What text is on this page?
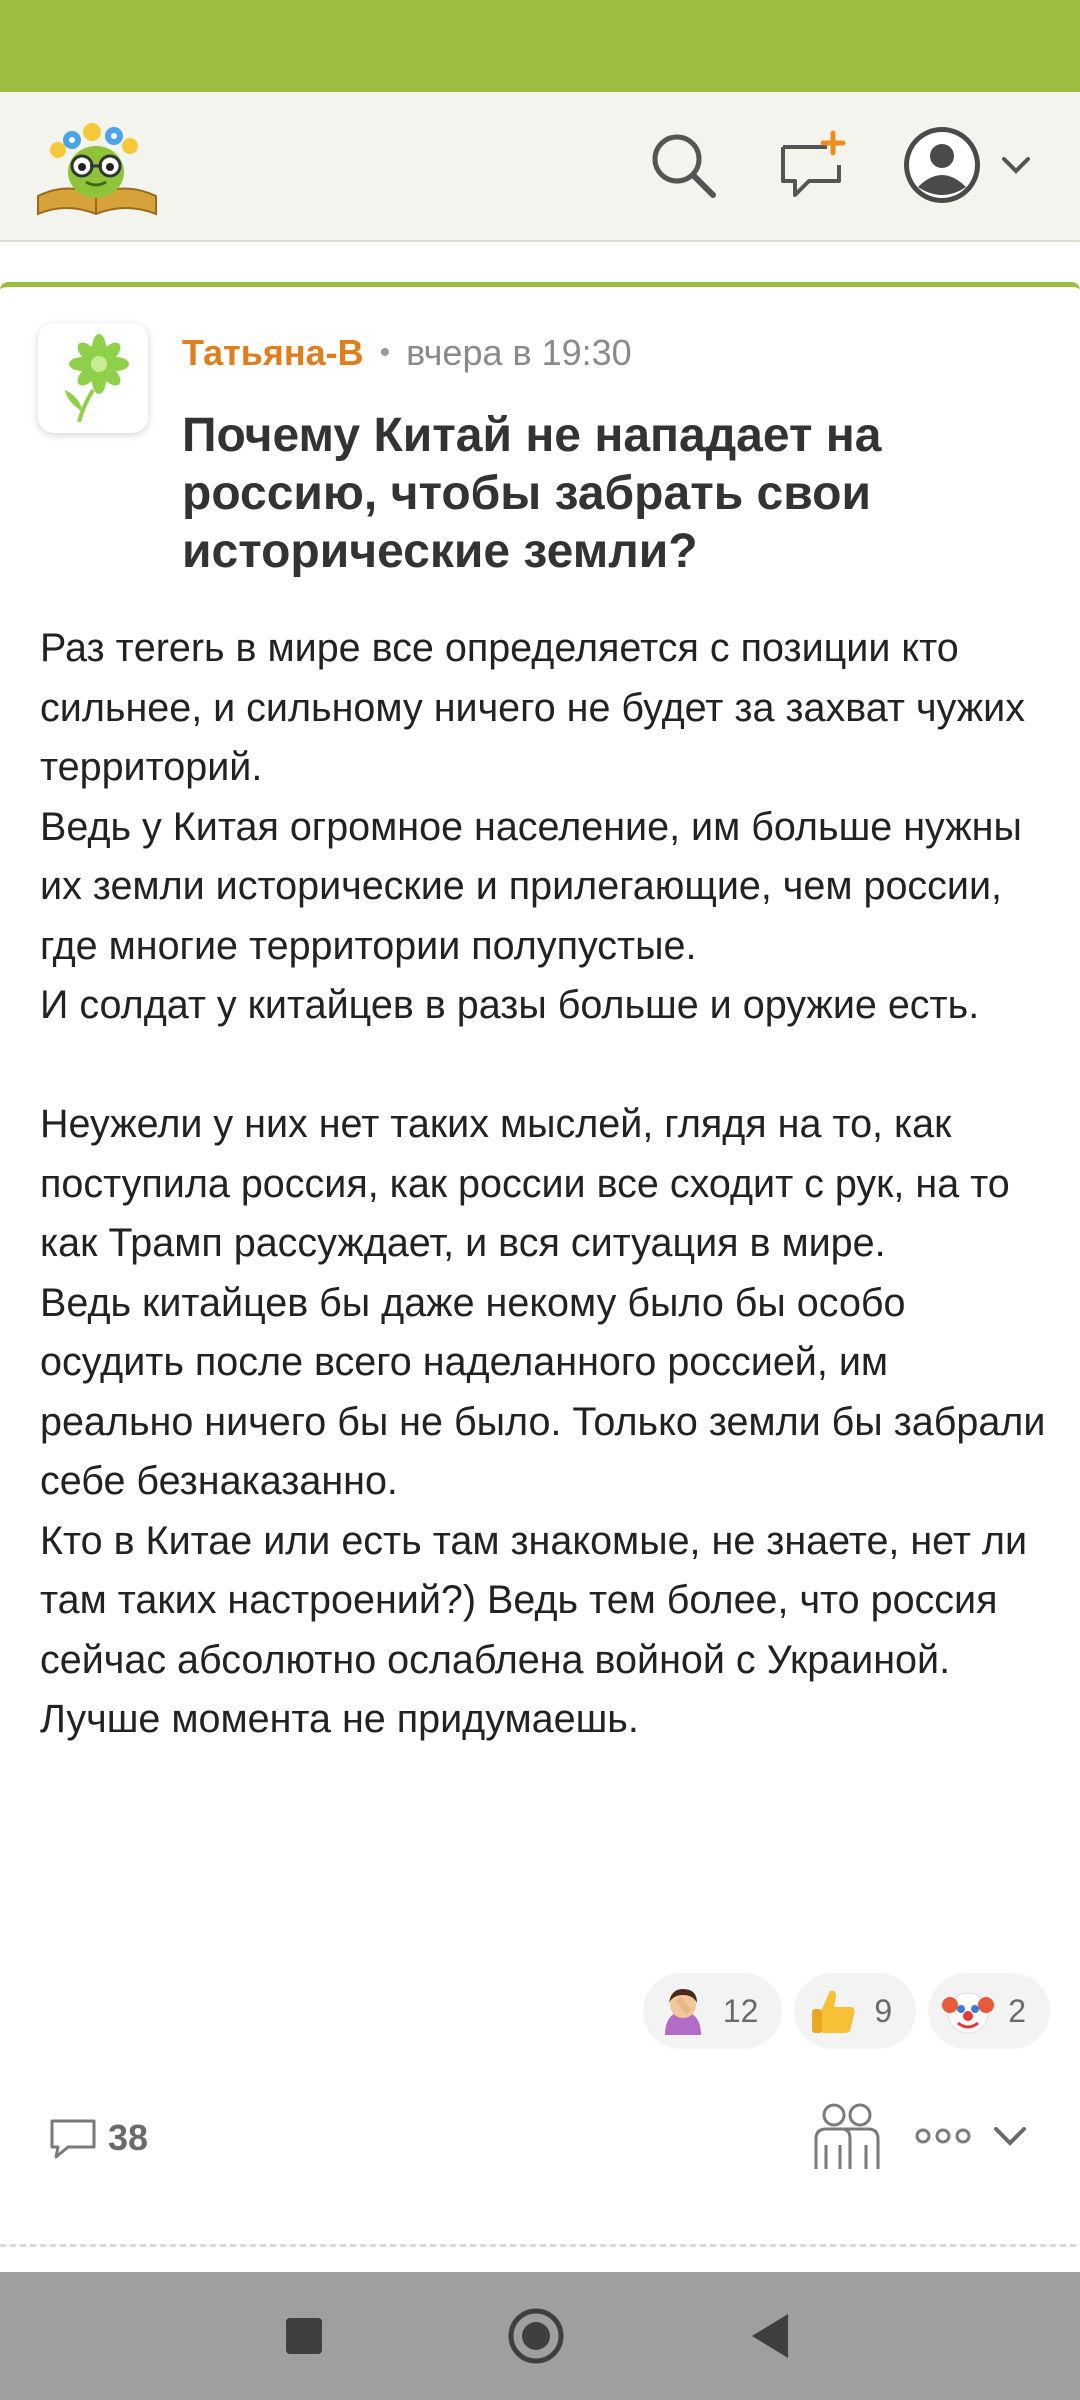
Татьяна-В • вчера в 19:30
Почему Китай не нападает на россию, чтобы забрать свои исторические земли?

Раз тererь в мире все определяется с позиции кто сильнее, и сильному ничего не будет за захват чужих территорий.

Ведь у Китая огромное население, им больше нужны их земли исторические и прилегающие, чем россии, где многие территории полупустые.

И солдат у китайцев в разы больше и оружие есть.

Неужели у них нет таких мыслей, глядя на то, как поступила россия, как россии все сходит с рук, на то как Трамп рассуждает, и вся ситуация в мире.

Ведь китайцев бы даже некому было бы особо осудить после всего наделанного россией, им реально ничего бы не было. Только земли бы забрали себе безнаказанно.

Кто в Китае или есть там знакомые, не знаете, нет ли там таких настроений?) Ведь тем более, что россия сейчас абсолютно ослаблена войной с Украиной. Лучше момента не придумаешь.

12	9	2
38
